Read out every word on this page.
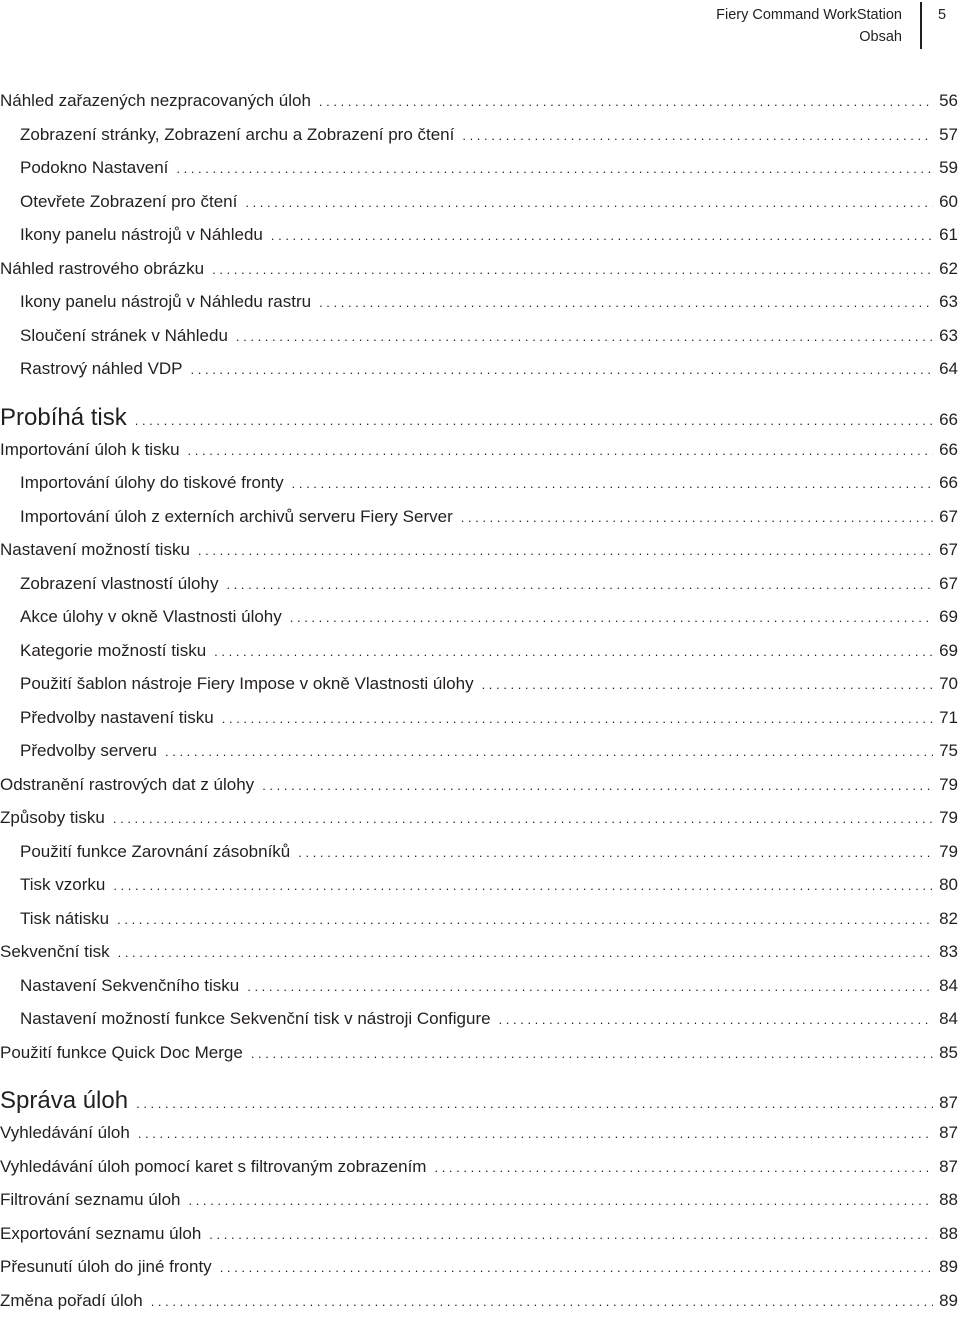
Fiery Command WorkStation
Obsah
5
Náhled zařazených nezpracovaných úloh . . .	56
Zobrazení stránky, Zobrazení archu a Zobrazení pro čtení . . .	57
Podokno Nastavení . . .	59
Otevřete Zobrazení pro čtení . . .	60
Ikony panelu nástrojů v Náhledu . . .	61
Náhled rastrového obrázku . . .	62
Ikony panelu nástrojů v Náhledu rastru . . .	63
Sloučení stránek v Náhledu . . .	63
Rastrový náhled VDP . . .	64
Probíhá tisk . . .	66
Importování úloh k tisku . . .	66
Importování úlohy do tiskové fronty . . .	66
Importování úloh z externích archivů serveru Fiery Server . . .	67
Nastavení možností tisku . . .	67
Zobrazení vlastností úlohy . . .	67
Akce úlohy v okně Vlastnosti úlohy . . .	69
Kategorie možností tisku . . .	69
Použití šablon nástroje Fiery Impose v okně Vlastnosti úlohy . . .	70
Předvolby nastavení tisku . . .	71
Předvolby serveru . . .	75
Odstranění rastrových dat z úlohy . . .	79
Způsoby tisku . . .	79
Použití funkce Zarovnání zásobníků . . .	79
Tisk vzorku . . .	80
Tisk nátisku . . .	82
Sekvenční tisk . . .	83
Nastavení Sekvenčního tisku . . .	84
Nastavení možností funkce Sekvenční tisk v nástroji Configure . . .	84
Použití funkce Quick Doc Merge . . .	85
Správa úloh . . .	87
Vyhledávání úloh . . .	87
Vyhledávání úloh pomocí karet s filtrovaným zobrazením . . .	87
Filtrování seznamu úloh . . .	88
Exportování seznamu úloh . . .	88
Přesunutí úloh do jiné fronty . . .	89
Změna pořadí úloh . . .	89
